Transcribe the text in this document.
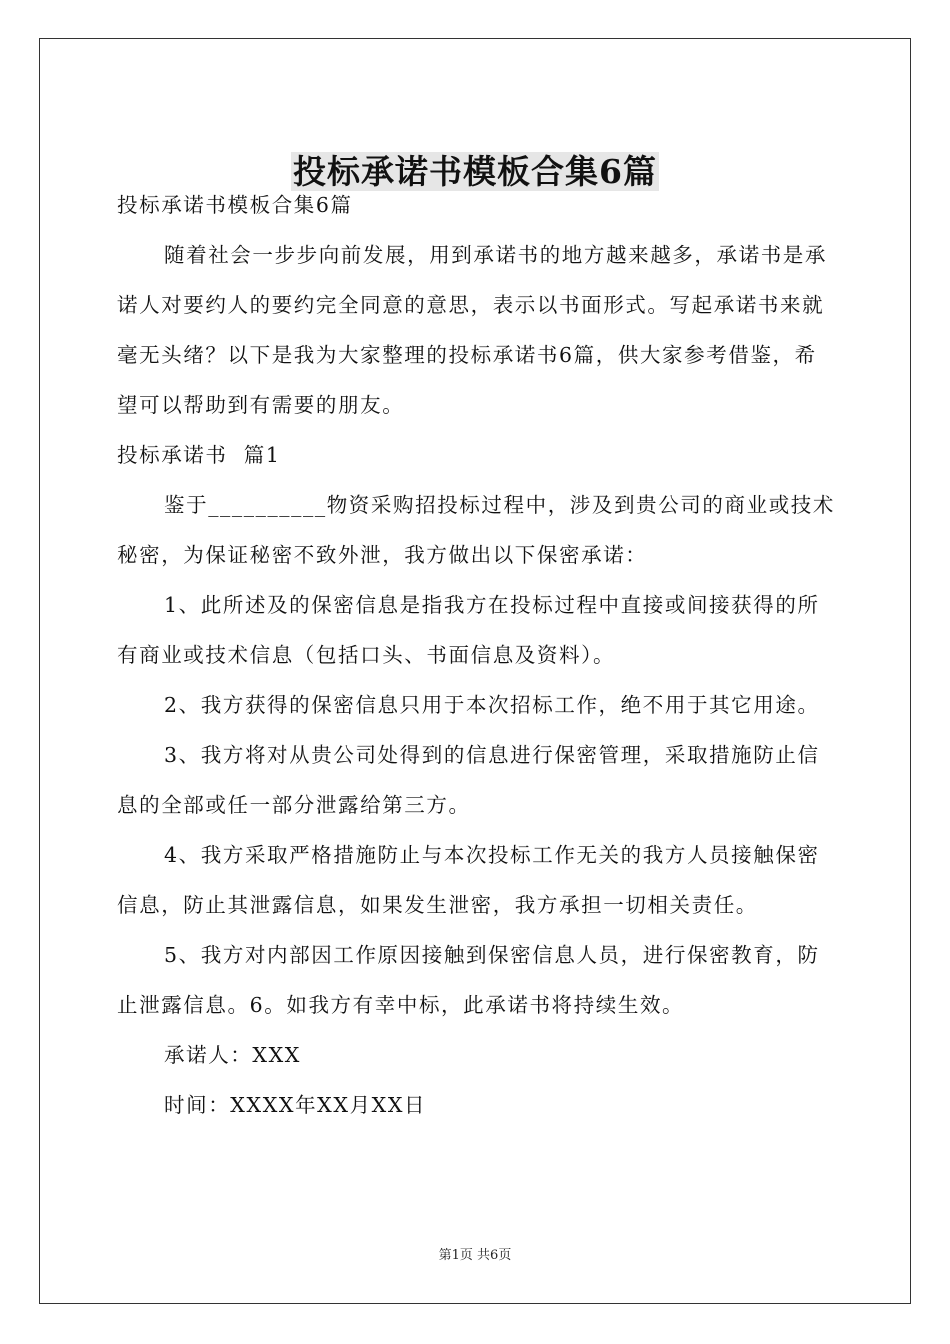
投标承诺书模板合集6篇

投标承诺书模板合集6篇

随着社会一步步向前发展，用到承诺书的地方越来越多，承诺书是承诺人对要约人的要约完全同意的意思，表示以书面形式。写起承诺书来就毫无头绪？以下是我为大家整理的投标承诺书6篇，供大家参考借鉴，希望可以帮助到有需要的朋友。

投标承诺书  篇1

鉴于__________物资采购招投标过程中，涉及到贵公司的商业或技术秘密，为保证秘密不致外泄，我方做出以下保密承诺：

1、此所述及的保密信息是指我方在投标过程中直接或间接获得的所有商业或技术信息（包括口头、书面信息及资料）。

2、我方获得的保密信息只用于本次招标工作，绝不用于其它用途。

3、我方将对从贵公司处得到的信息进行保密管理，采取措施防止信息的全部或任一部分泄露给第三方。

4、我方采取严格措施防止与本次投标工作无关的我方人员接触保密信息，防止其泄露信息，如果发生泄密，我方承担一切相关责任。

5、我方对内部因工作原因接触到保密信息人员，进行保密教育，防止泄露信息。6。如我方有幸中标，此承诺书将持续生效。

承诺人：XXX

时间：XXXX年XX月XX日

第1页 共6页
